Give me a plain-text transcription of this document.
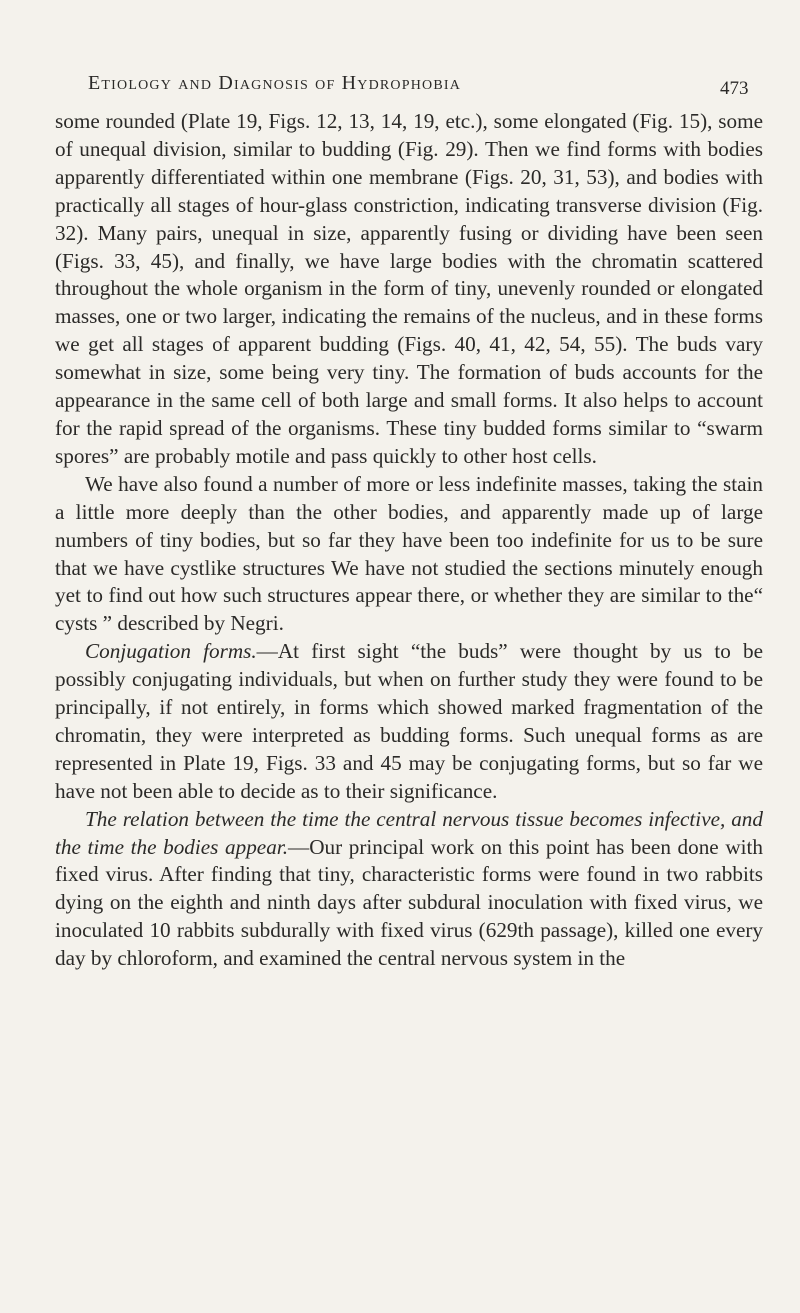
Etiology and Diagnosis of Hydrophobia	473

some rounded (Plate 19, Figs. 12, 13, 14, 19, etc.), some elongated (Fig. 15), some of unequal division, similar to budding (Fig. 29). Then we find forms with bodies apparently differentiated within one membrane (Figs. 20, 31, 53), and bodies with practically all stages of hour-glass constriction, indicating transverse division (Fig. 32). Many pairs, unequal in size, apparently fusing or dividing have been seen (Figs. 33, 45), and finally, we have large bodies with the chromatin scattered throughout the whole organism in the form of tiny, unevenly rounded or elongated masses, one or two larger, indicating the remains of the nucleus, and in these forms we get all stages of apparent budding (Figs. 40, 41, 42, 54, 55). The buds vary somewhat in size, some being very tiny. The formation of buds accounts for the appearance in the same cell of both large and small forms. It also helps to account for the rapid spread of the organisms. These tiny budded forms similar to “swarm spores” are probably motile and pass quickly to other host cells.

We have also found a number of more or less indefinite masses, taking the stain a little more deeply than the other bodies, and apparently made up of large numbers of tiny bodies, but so far they have been too indefinite for us to be sure that we have cystlike structures We have not studied the sections minutely enough yet to find out how such structures appear there, or whether they are similar to the“ cysts ” described by Negri.

Conjugation forms.—At first sight “the buds” were thought by us to be possibly conjugating individuals, but when on further study they were found to be principally, if not entirely, in forms which showed marked fragmentation of the chromatin, they were interpreted as budding forms. Such unequal forms as are represented in Plate 19, Figs. 33 and 45 may be conjugating forms, but so far we have not been able to decide as to their significance.

The relation between the time the central nervous tissue becomes infective, and the time the bodies appear.—Our principal work on this point has been done with fixed virus. After finding that tiny, characteristic forms were found in two rabbits dying on the eighth and ninth days after subdural inoculation with fixed virus, we inoculated 10 rabbits subdurally with fixed virus (629th passage), killed one every day by chloroform, and examined the central nervous system in the
